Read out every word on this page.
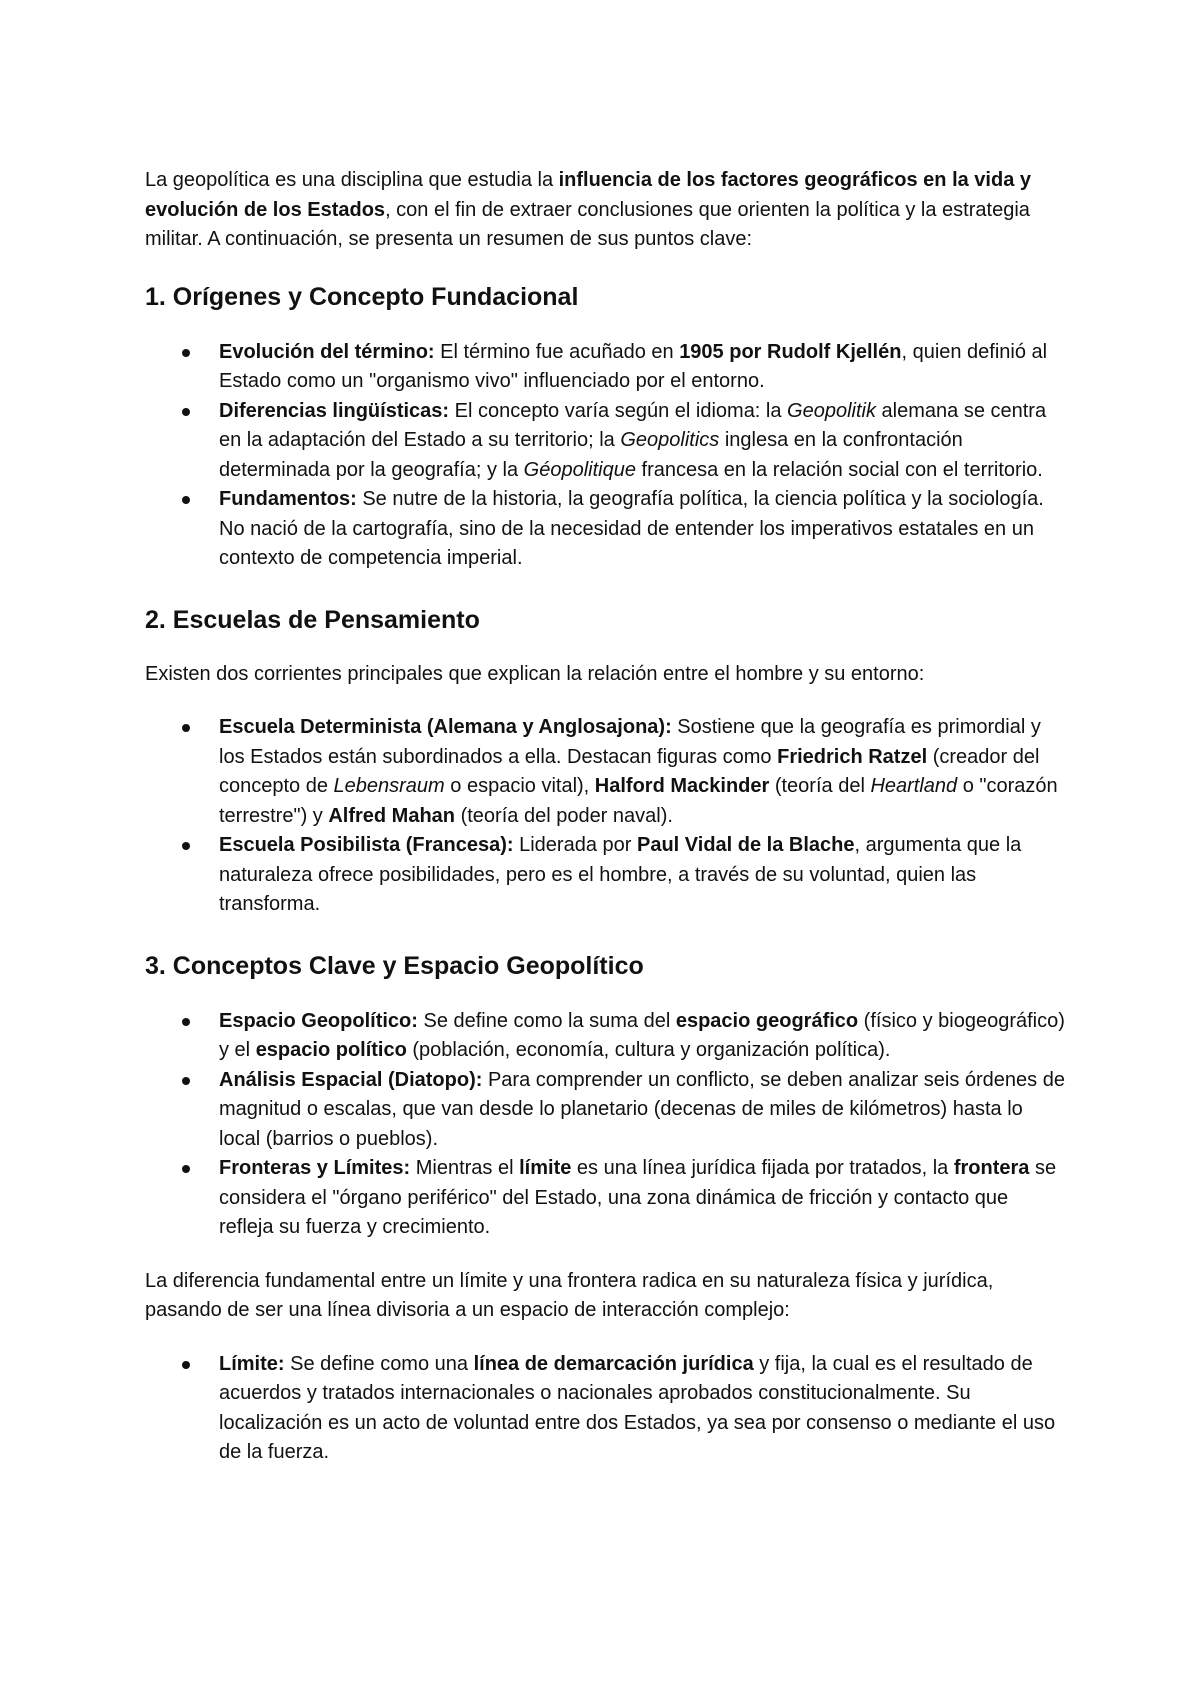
La geopolítica es una disciplina que estudia la influencia de los factores geográficos en la vida y evolución de los Estados, con el fin de extraer conclusiones que orienten la política y la estrategia militar. A continuación, se presenta un resumen de sus puntos clave:

1. Orígenes y Concepto Fundacional
Evolución del término: El término fue acuñado en 1905 por Rudolf Kjellén, quien definió al Estado como un "organismo vivo" influenciado por el entorno.
Diferencias lingüísticas: El concepto varía según el idioma: la Geopolitik alemana se centra en la adaptación del Estado a su territorio; la Geopolitics inglesa en la confrontación determinada por la geografía; y la Géopolitique francesa en la relación social con el territorio.
Fundamentos: Se nutre de la historia, la geografía política, la ciencia política y la sociología. No nació de la cartografía, sino de la necesidad de entender los imperativos estatales en un contexto de competencia imperial.
2. Escuelas de Pensamiento

Existen dos corrientes principales que explican la relación entre el hombre y su entorno:

Escuela Determinista (Alemana y Anglosajona): Sostiene que la geografía es primordial y los Estados están subordinados a ella. Destacan figuras como Friedrich Ratzel (creador del concepto de Lebensraum o espacio vital), Halford Mackinder (teoría del Heartland o "corazón terrestre") y Alfred Mahan (teoría del poder naval).
Escuela Posibilista (Francesa): Liderada por Paul Vidal de la Blache, argumenta que la naturaleza ofrece posibilidades, pero es el hombre, a través de su voluntad, quien las transforma.
3. Conceptos Clave y Espacio Geopolítico
Espacio Geopolítico: Se define como la suma del espacio geográfico (físico y biogeográfico) y el espacio político (población, economía, cultura y organización política).
Análisis Espacial (Diatopo): Para comprender un conflicto, se deben analizar seis órdenes de magnitud o escalas, que van desde lo planetario (decenas de miles de kilómetros) hasta lo local (barrios o pueblos).
Fronteras y Límites: Mientras el límite es una línea jurídica fijada por tratados, la frontera se considera el "órgano periférico" del Estado, una zona dinámica de fricción y contacto que refleja su fuerza y crecimiento.

La diferencia fundamental entre un límite y una frontera radica en su naturaleza física y jurídica, pasando de ser una línea divisoria a un espacio de interacción complejo:

Límite: Se define como una línea de demarcación jurídica y fija, la cual es el resultado de acuerdos y tratados internacionales o nacionales aprobados constitucionalmente. Su localización es un acto de voluntad entre dos Estados, ya sea por consenso o mediante el uso de la fuerza.
